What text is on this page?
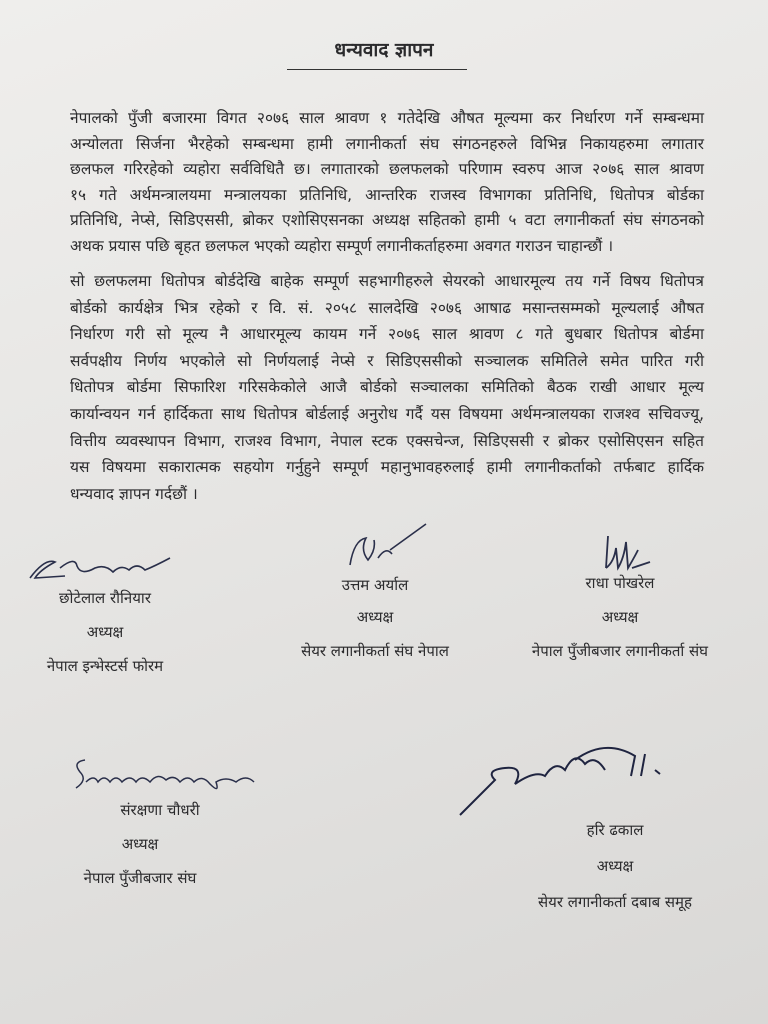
धन्यवाद ज्ञापन
नेपालको पुँजी बजारमा विगत २०७६ साल श्रावण १ गतेदेखि औषत मूल्यमा कर निर्धारण गर्ने सम्बन्धमा
अन्योलता सिर्जना भैरहेको सम्बन्धमा हामी लगानीकर्ता संघ संगठनहरुले विभिन्न निकायहरुमा लगातार
छलफल गरिरहेको व्यहोरा सर्वविधितै छ। लगातारको छलफलको परिणाम स्वरुप आज २०७६ साल श्रावण
१५ गते अर्थमन्त्रालयमा मन्त्रालयका प्रतिनिधि, आन्तरिक राजस्व विभागका प्रतिनिधि, धितोपत्र बोर्डका
प्रतिनिधि, नेप्से, सिडिएससी, ब्रोकर एशोसिएसनका अध्यक्ष सहितको हामी ५ वटा लगानीकर्ता संघ संगठनको
अथक प्रयास पछि बृहत छलफल भएको व्यहोरा सम्पूर्ण लगानीकर्ताहरुमा अवगत गराउन चाहान्छौं ।
सो छलफलमा धितोपत्र बोर्डदेखि बाहेक सम्पूर्ण सहभागीहरुले सेयरको आधारमूल्य तय गर्ने विषय धितोपत्र
बोर्डको कार्यक्षेत्र भित्र रहेको र वि. सं. २०५८ सालदेखि २०७६ आषाढ मसान्तसम्मको मूल्यलाई औषत
निर्धारण गरी सो मूल्य नै आधारमूल्य कायम गर्ने २०७६ साल श्रावण ८ गते बुधबार धितोपत्र बोर्डमा
सर्वपक्षीय निर्णय भएकोले सो निर्णयलाई नेप्से र सिडिएससीको सञ्चालक समितिले समेत पारित गरी
धितोपत्र बोर्डमा सिफारिश गरिसकेकोले आजै बोर्डको सञ्चालका समितिको बैठक राखी आधार मूल्य
कार्यान्वयन गर्न हार्दिकता साथ धितोपत्र बोर्डलाई अनुरोध गर्दै यस विषयमा अर्थमन्त्रालयका राजश्व सचिवज्यू,
वित्तीय व्यवस्थापन विभाग, राजश्व विभाग, नेपाल स्टक एक्सचेन्ज, सिडिएससी र ब्रोकर एसोसिएसन सहित
यस विषयमा सकारात्मक सहयोग गर्नुहुने सम्पूर्ण महानुभावहरुलाई हामी लगानीकर्ताको तर्फबाट हार्दिक
धन्यवाद ज्ञापन गर्दछौं ।
छोटेलाल रौनियार
अध्यक्ष
नेपाल इन्भेस्टर्स फोरम
उत्तम अर्याल
अध्यक्ष
सेयर लगानीकर्ता संघ नेपाल
राधा पोखरेल
अध्यक्ष
नेपाल पुँजीबजार लगानीकर्ता संघ
संरक्षणा चौधरी
अध्यक्ष
नेपाल पुँजीबजार संघ
हरि ढकाल
अध्यक्ष
सेयर लगानीकर्ता दबाब समूह
